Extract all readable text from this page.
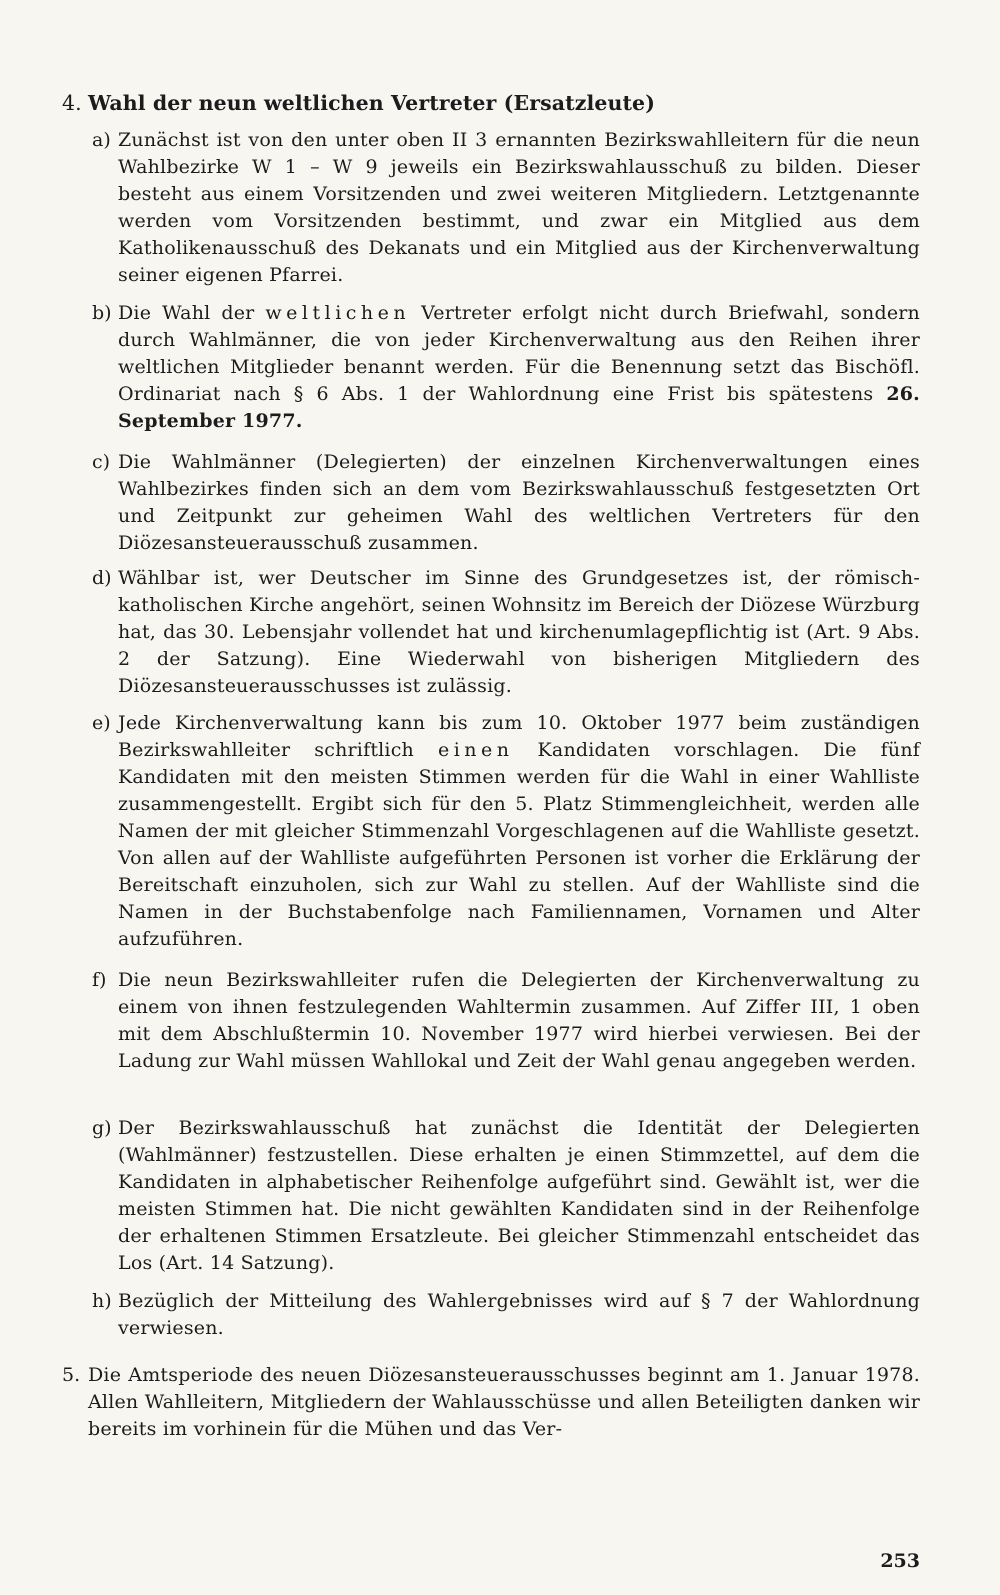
4. Wahl der neun weltlichen Vertreter (Ersatzleute)
a) Zunächst ist von den unter oben II 3 ernannten Bezirkswahlleitern für die neun Wahlbezirke W 1 – W 9 jeweils ein Bezirkswahlausschuß zu bilden. Dieser besteht aus einem Vorsitzenden und zwei weiteren Mitgliedern. Letztgenannte werden vom Vorsitzenden bestimmt, und zwar ein Mitglied aus dem Katholikenausschuß des Dekanats und ein Mitglied aus der Kirchenverwaltung seiner eigenen Pfarrei.
b) Die Wahl der weltlichen Vertreter erfolgt nicht durch Briefwahl, sondern durch Wahlmänner, die von jeder Kirchenverwaltung aus den Reihen ihrer weltlichen Mitglieder benannt werden. Für die Benennung setzt das Bischöfl. Ordinariat nach § 6 Abs. 1 der Wahlordnung eine Frist bis spätestens 26. September 1977.
c) Die Wahlmänner (Delegierten) der einzelnen Kirchenverwaltungen eines Wahlbezirkes finden sich an dem vom Bezirkswahlausschuß festgesetzten Ort und Zeitpunkt zur geheimen Wahl des weltlichen Vertreters für den Diözesansteuerausschuß zusammen.
d) Wählbar ist, wer Deutscher im Sinne des Grundgesetzes ist, der römisch-katholischen Kirche angehört, seinen Wohnsitz im Bereich der Diözese Würzburg hat, das 30. Lebensjahr vollendet hat und kirchenumlagepflichtig ist (Art. 9 Abs. 2 der Satzung). Eine Wiederwahl von bisherigen Mitgliedern des Diözesansteuerausschusses ist zulässig.
e) Jede Kirchenverwaltung kann bis zum 10. Oktober 1977 beim zuständigen Bezirkswahlleiter schriftlich einen Kandidaten vorschlagen. Die fünf Kandidaten mit den meisten Stimmen werden für die Wahl in einer Wahlliste zusammengestellt. Ergibt sich für den 5. Platz Stimmengleichheit, werden alle Namen der mit gleicher Stimmenzahl Vorgeschlagenen auf die Wahlliste gesetzt. Von allen auf der Wahlliste aufgeführten Personen ist vorher die Erklärung der Bereitschaft einzuholen, sich zur Wahl zu stellen. Auf der Wahlliste sind die Namen in der Buchstabenfolge nach Familiennamen, Vornamen und Alter aufzuführen.
f) Die neun Bezirkswahlleiter rufen die Delegierten der Kirchenverwaltung zu einem von ihnen festzulegenden Wahltermin zusammen. Auf Ziffer III, 1 oben mit dem Abschlußtermin 10. November 1977 wird hierbei verwiesen. Bei der Ladung zur Wahl müssen Wahllokal und Zeit der Wahl genau angegeben werden.
g) Der Bezirkswahlausschuß hat zunächst die Identität der Delegierten (Wahlmänner) festzustellen. Diese erhalten je einen Stimmzettel, auf dem die Kandidaten in alphabetischer Reihenfolge aufgeführt sind. Gewählt ist, wer die meisten Stimmen hat. Die nicht gewählten Kandidaten sind in der Reihenfolge der erhaltenen Stimmen Ersatzleute. Bei gleicher Stimmenzahl entscheidet das Los (Art. 14 Satzung).
h) Bezüglich der Mitteilung des Wahlergebnisses wird auf § 7 der Wahlordnung verwiesen.
5. Die Amtsperiode des neuen Diözesansteuerausschusses beginnt am 1. Januar 1978. Allen Wahlleitern, Mitgliedern der Wahlausschüsse und allen Beteiligten danken wir bereits im vorhinein für die Mühen und das Ver-
253
